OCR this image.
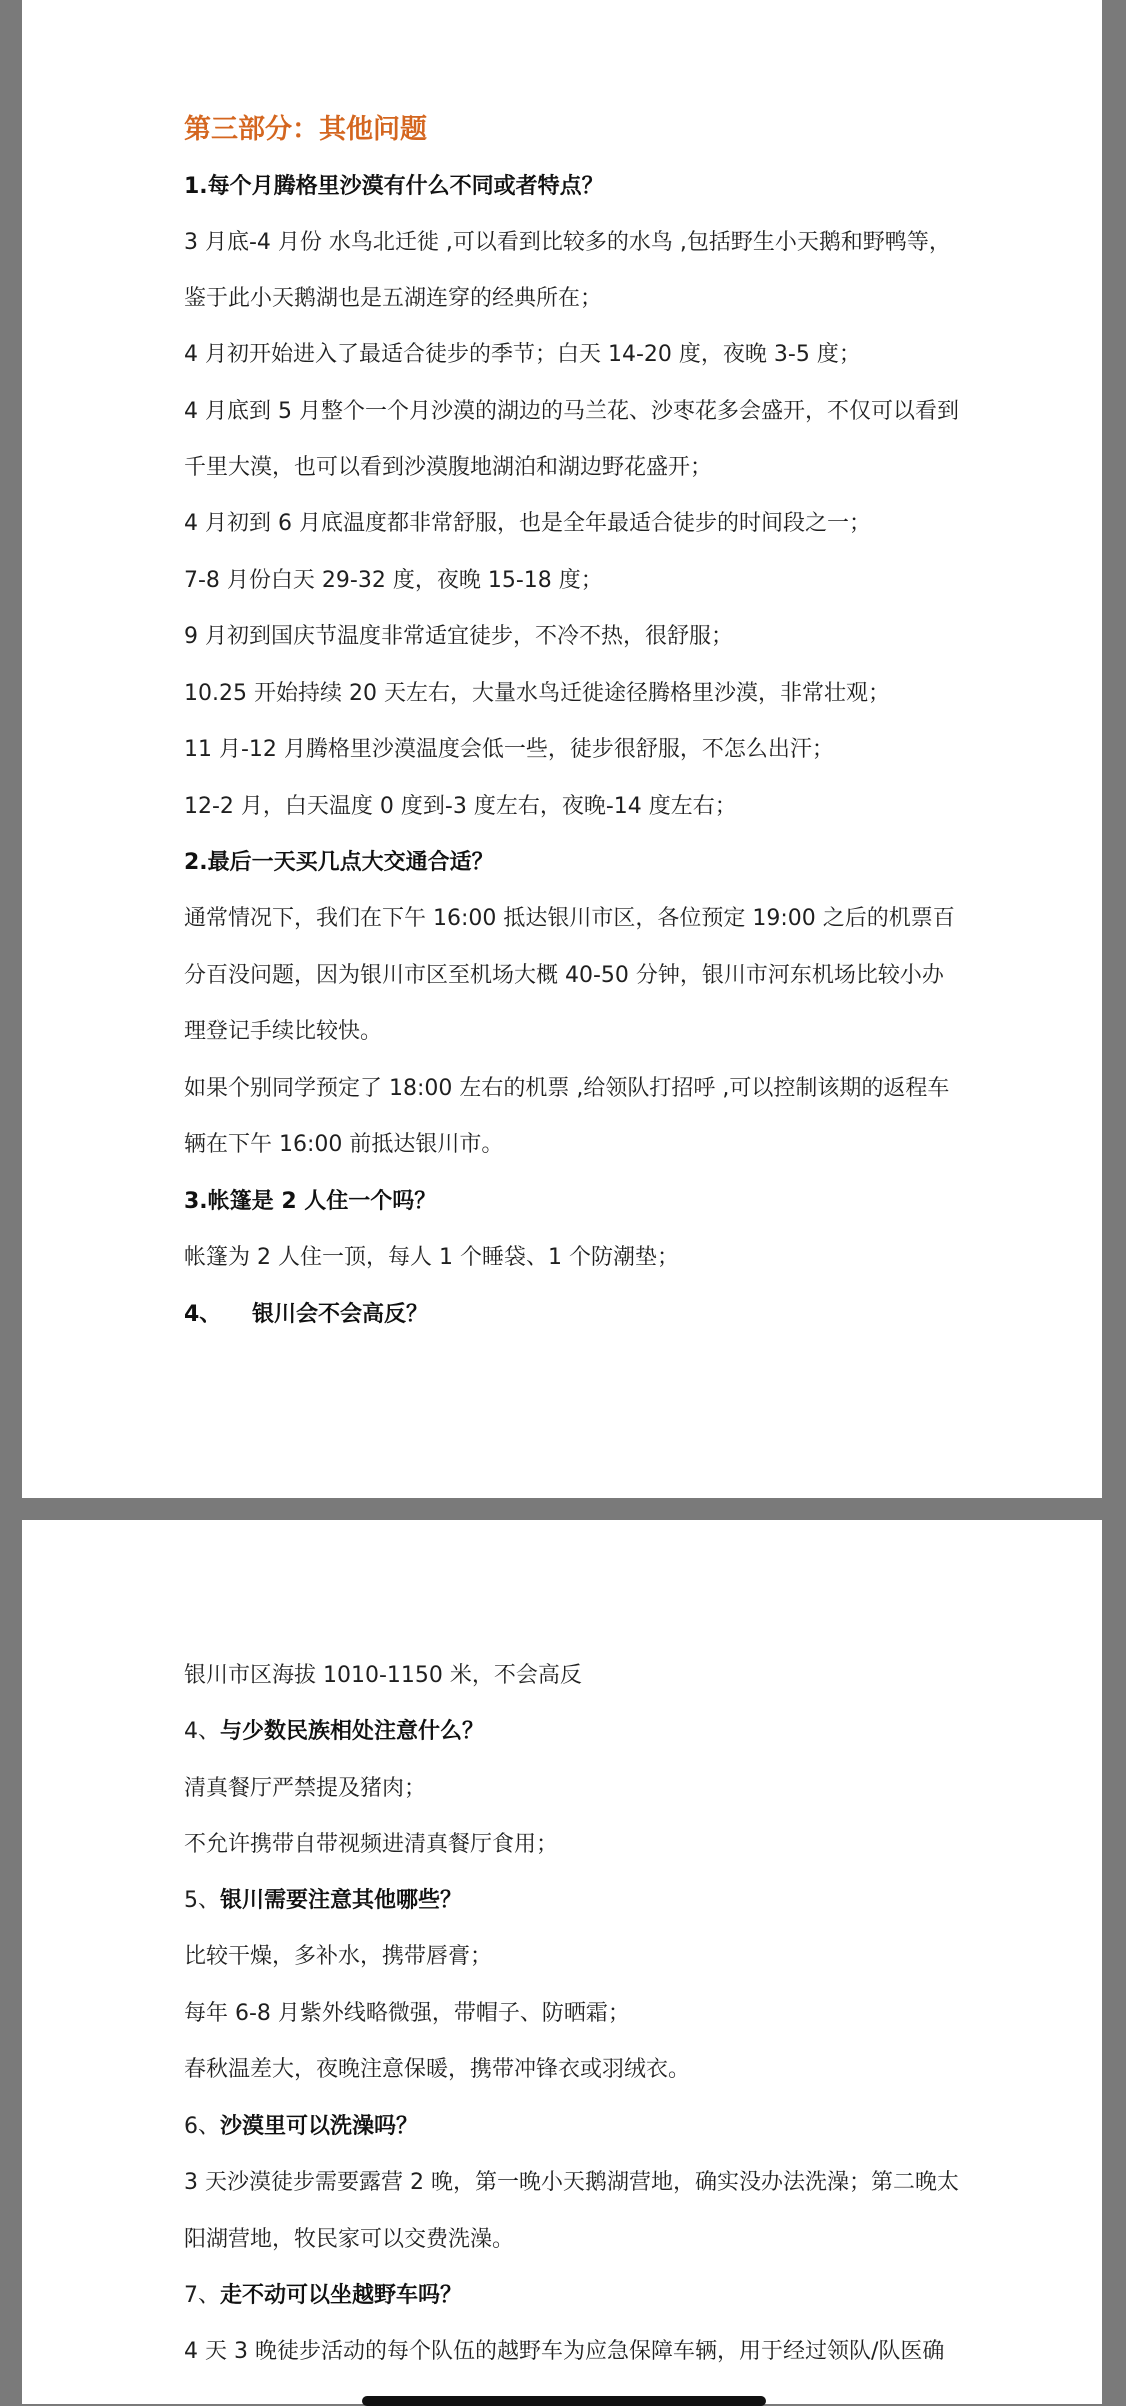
第三部分：其他问题

1.每个月腾格里沙漠有什么不同或者特点？

3 月底-4 月份 水鸟北迁徙 ,可以看到比较多的水鸟 ,包括野生小天鹅和野鸭等，

鉴于此小天鹅湖也是五湖连穿的经典所在；

4 月初开始进入了最适合徒步的季节；白天 14-20 度，夜晚 3-5 度；

4 月底到 5 月整个一个月沙漠的湖边的马兰花、沙枣花多会盛开，不仅可以看到

千里大漠，也可以看到沙漠腹地湖泊和湖边野花盛开；

4 月初到 6 月底温度都非常舒服，也是全年最适合徒步的时间段之一；

7-8 月份白天 29-32 度，夜晚 15-18 度；

9 月初到国庆节温度非常适宜徒步，不冷不热，很舒服；

10.25 开始持续 20 天左右，大量水鸟迁徙途径腾格里沙漠，非常壮观；

11 月-12 月腾格里沙漠温度会低一些，徒步很舒服，不怎么出汗；

12-2 月，白天温度 0 度到-3 度左右，夜晚-14 度左右；

2.最后一天买几点大交通合适？

通常情况下，我们在下午 16:00 抵达银川市区，各位预定 19:00 之后的机票百

分百没问题，因为银川市区至机场大概 40-50 分钟，银川市河东机场比较小办

理登记手续比较快。

如果个别同学预定了 18:00 左右的机票 ,给领队打招呼 ,可以控制该期的返程车

辆在下午 16:00 前抵达银川市。

3.帐篷是 2 人住一个吗？

帐篷为 2 人住一顶，每人 1 个睡袋、1 个防潮垫；

4、 银川会不会高反？

银川市区海拔 1010-1150 米，不会高反

4、与少数民族相处注意什么？

清真餐厅严禁提及猪肉；

不允许携带自带视频进清真餐厅食用；

5、银川需要注意其他哪些？

比较干燥，多补水，携带唇膏；

每年 6-8 月紫外线略微强，带帽子、防晒霜；

春秋温差大，夜晚注意保暖，携带冲锋衣或羽绒衣。

6、沙漠里可以洗澡吗？

3 天沙漠徒步需要露营 2 晚，第一晚小天鹅湖营地，确实没办法洗澡；第二晚太

阳湖营地，牧民家可以交费洗澡。

7、走不动可以坐越野车吗？

4 天 3 晚徒步活动的每个队伍的越野车为应急保障车辆，用于经过领队/队医确
